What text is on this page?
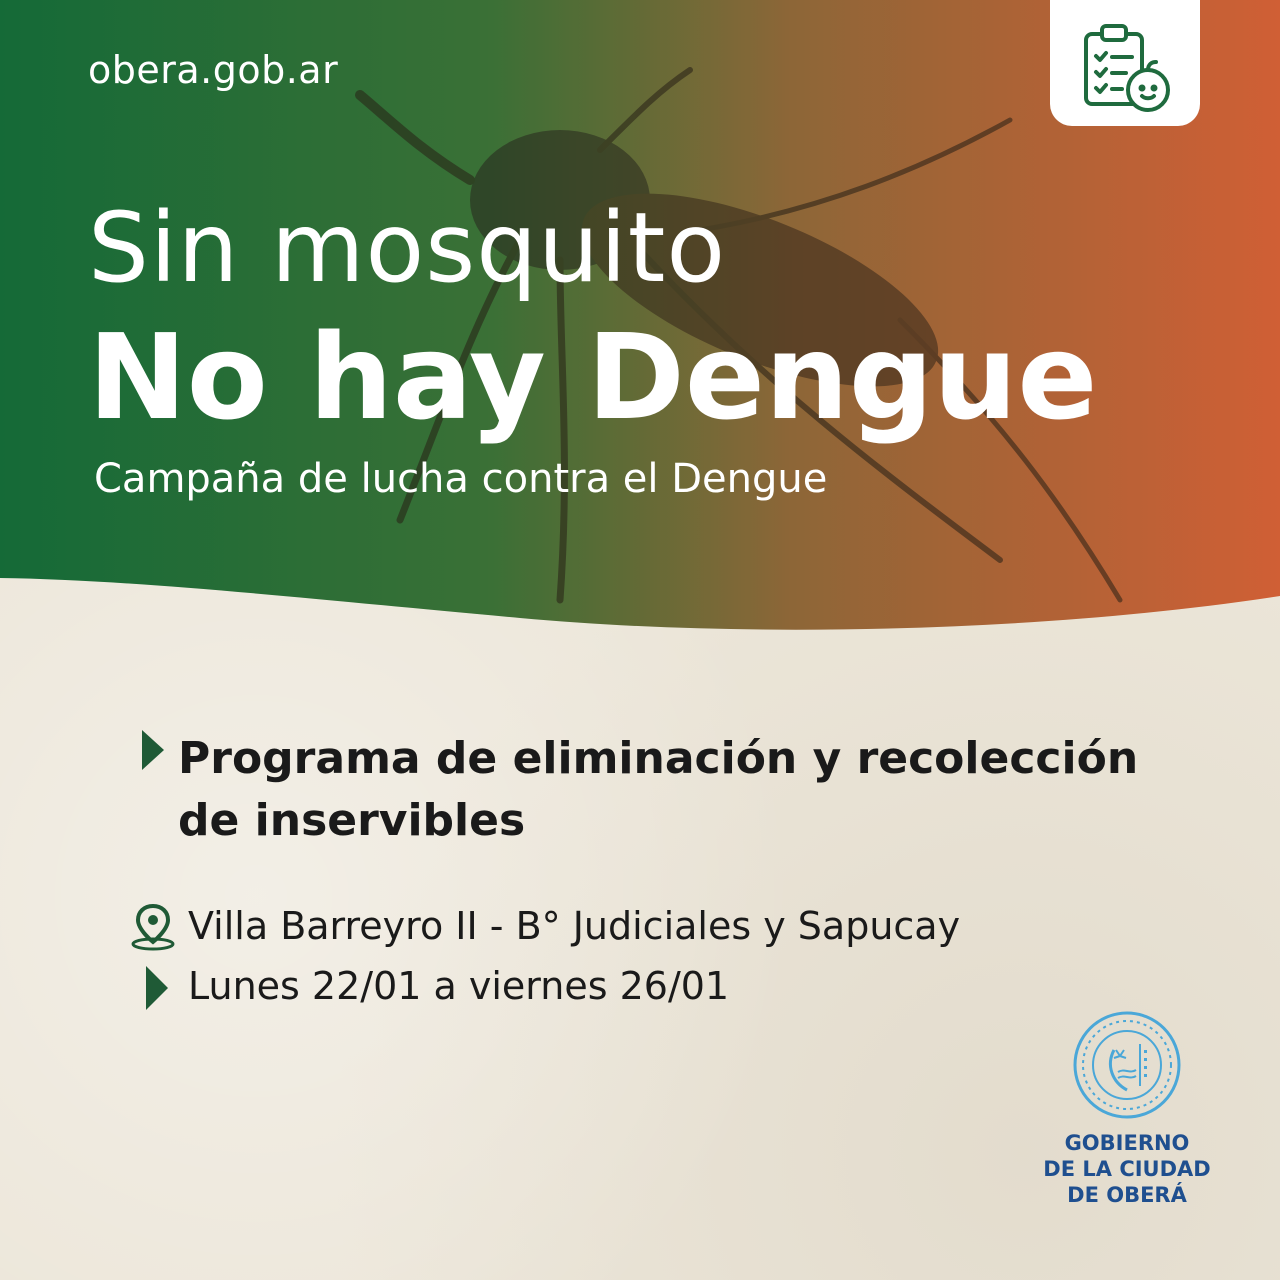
obera.gob.ar
Sin mosquito
No hay Dengue
Campaña de lucha contra el Dengue
Programa de eliminación y recolección
de inservibles
Villa Barreyro II - B° Judiciales y Sapucay
Lunes 22/01 a viernes 26/01
GOBIERNO
DE LA CIUDAD
DE OBERÁ
